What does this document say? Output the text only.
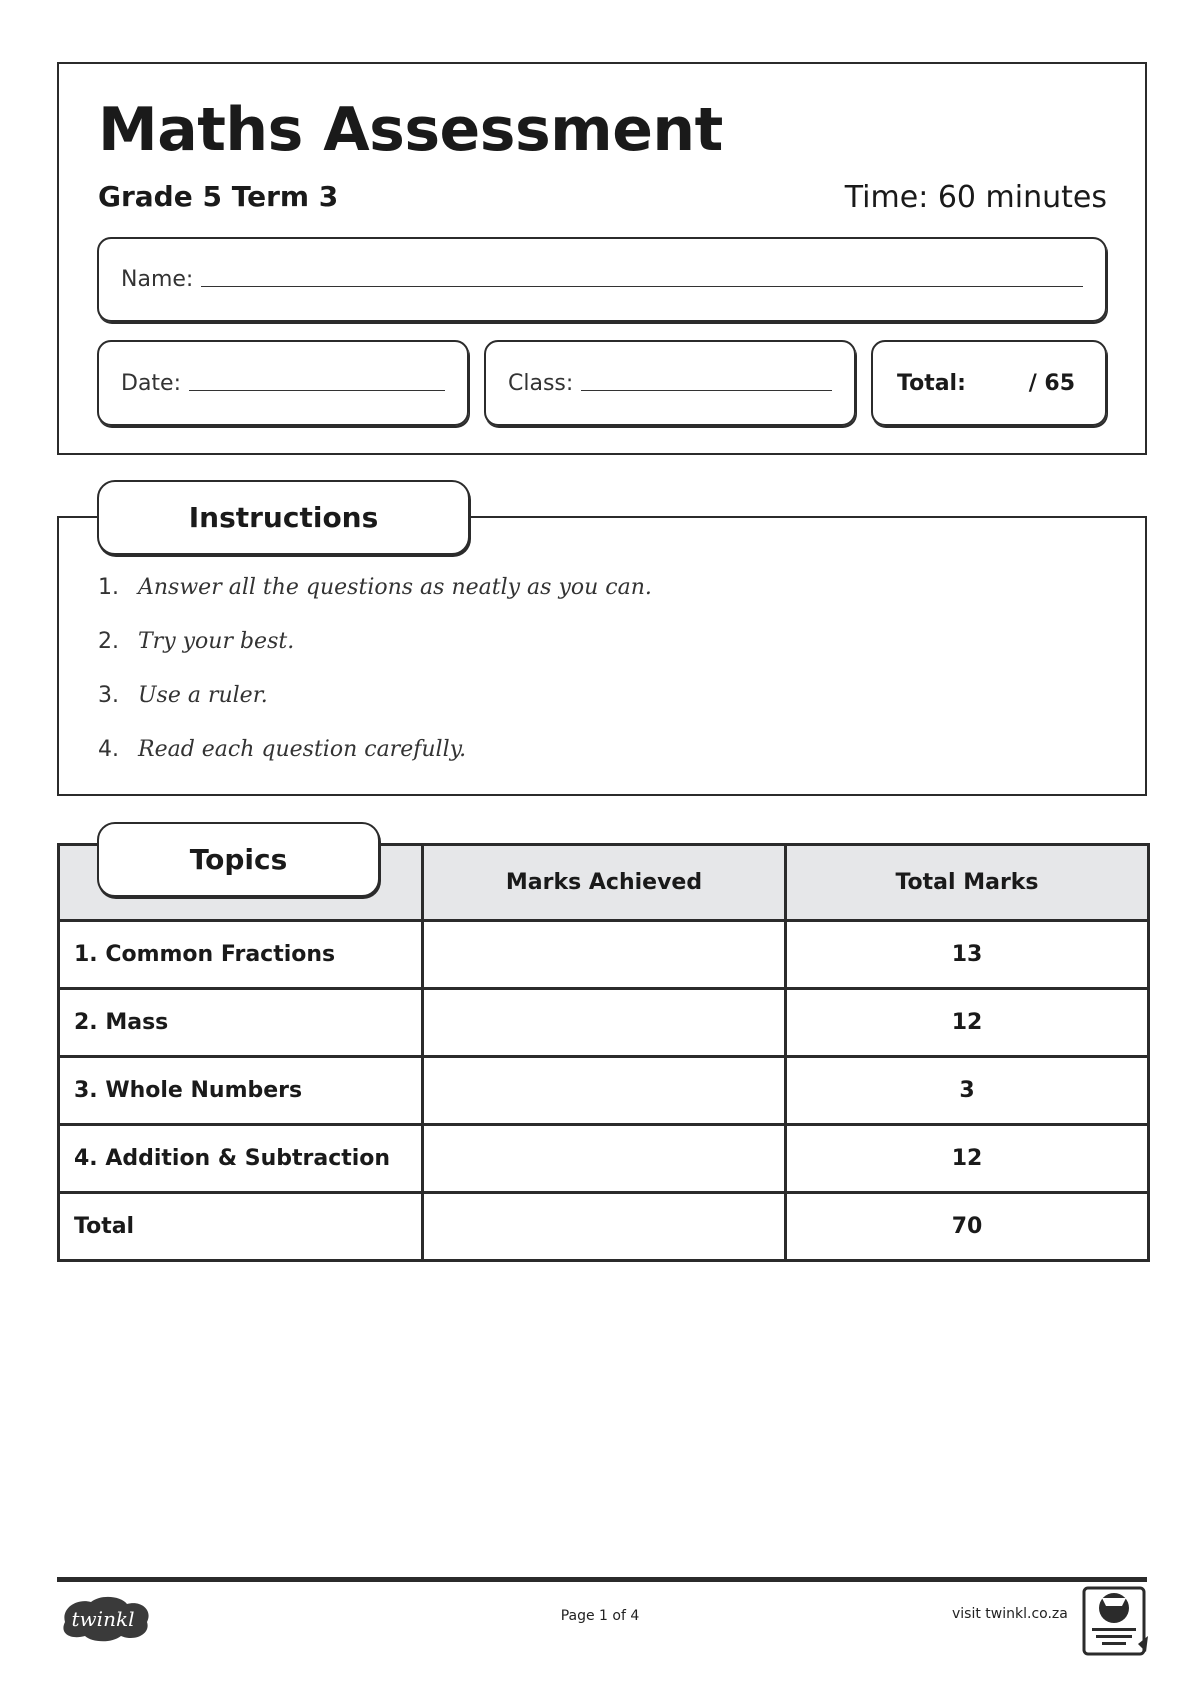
Maths Assessment
Grade 5 Term 3	Time: 60 minutes
Name:
Date:	Class:	Total:	/ 65
Instructions
1. Answer all the questions as neatly as you can.
2. Try your best.
3. Use a ruler.
4. Read each question carefully.
	Marks Achieved	Total Marks
1. Common Fractions		13
2. Mass		12
3. Whole Numbers		3
4. Addition & Subtraction		12
Total		70
Topics
twinkl	Page 1 of 4	visit twinkl.co.za
